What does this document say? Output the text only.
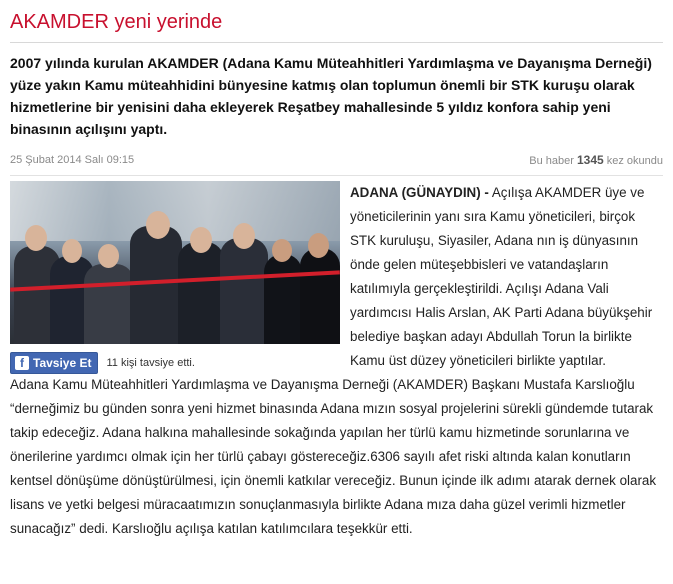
AKAMDER yeni yerinde

2007 yılında kurulan AKAMDER (Adana Kamu Müteahhitleri Yardımlaşma ve Dayanışma Derneği) yüze yakın Kamu müteahhidini bünyesine katmış olan toplumun önemli bir STK kuruşu olarak hizmetlerine bir yenisini daha ekleyerek Reşatbey mahallesinde 5 yıldız konfora sahip yeni binasının açılışını yaptı.

25 Şubat 2014 Salı 09:15	Bu haber 1345 kez okundu
f Tavsiye Et 11 kişi tavsiye etti.

ADANA (GÜNAYDIN) - Açılışa AKAMDER üye ve yöneticilerinin yanı sıra Kamu yöneticileri, birçok STK kuruluşu, Siyasiler, Adana nın iş dünyasının önde gelen müteşebbisleri ve vatandaşların katılımıyla gerçekleştirildi. Açılışı Adana Vali yardımcısı Halis Arslan, AK Parti Adana büyükşehir belediye başkan adayı Abdullah Torun la birlikte Kamu üst düzey yöneticileri birlikte yaptılar.

Adana Kamu Müteahhitleri Yardımlaşma ve Dayanışma Derneği (AKAMDER) Başkanı Mustafa Karslıoğlu “derneğimiz bu günden sonra yeni hizmet binasında Adana mızın sosyal projelerini sürekli gündemde tutarak takip edeceğiz. Adana halkına mahallesinde sokağında yapılan her türlü kamu hizmetinde sorunlarına ve önerilerine yardımcı olmak için her türlü çabayı göstereceğiz.6306 sayılı afet riski altında kalan konutların kentsel dönüşüme dönüştürülmesi, için önemli katkılar vereceğiz. Bunun içinde ilk adımı atarak dernek olarak lisans ve yetki belgesi müracaatımızın sonuçlanmasıyla birlikte Adana mıza daha güzel verimli hizmetler sunacağız” dedi. Karslıoğlu açılışa katılan katılımcılara teşekkür etti.
